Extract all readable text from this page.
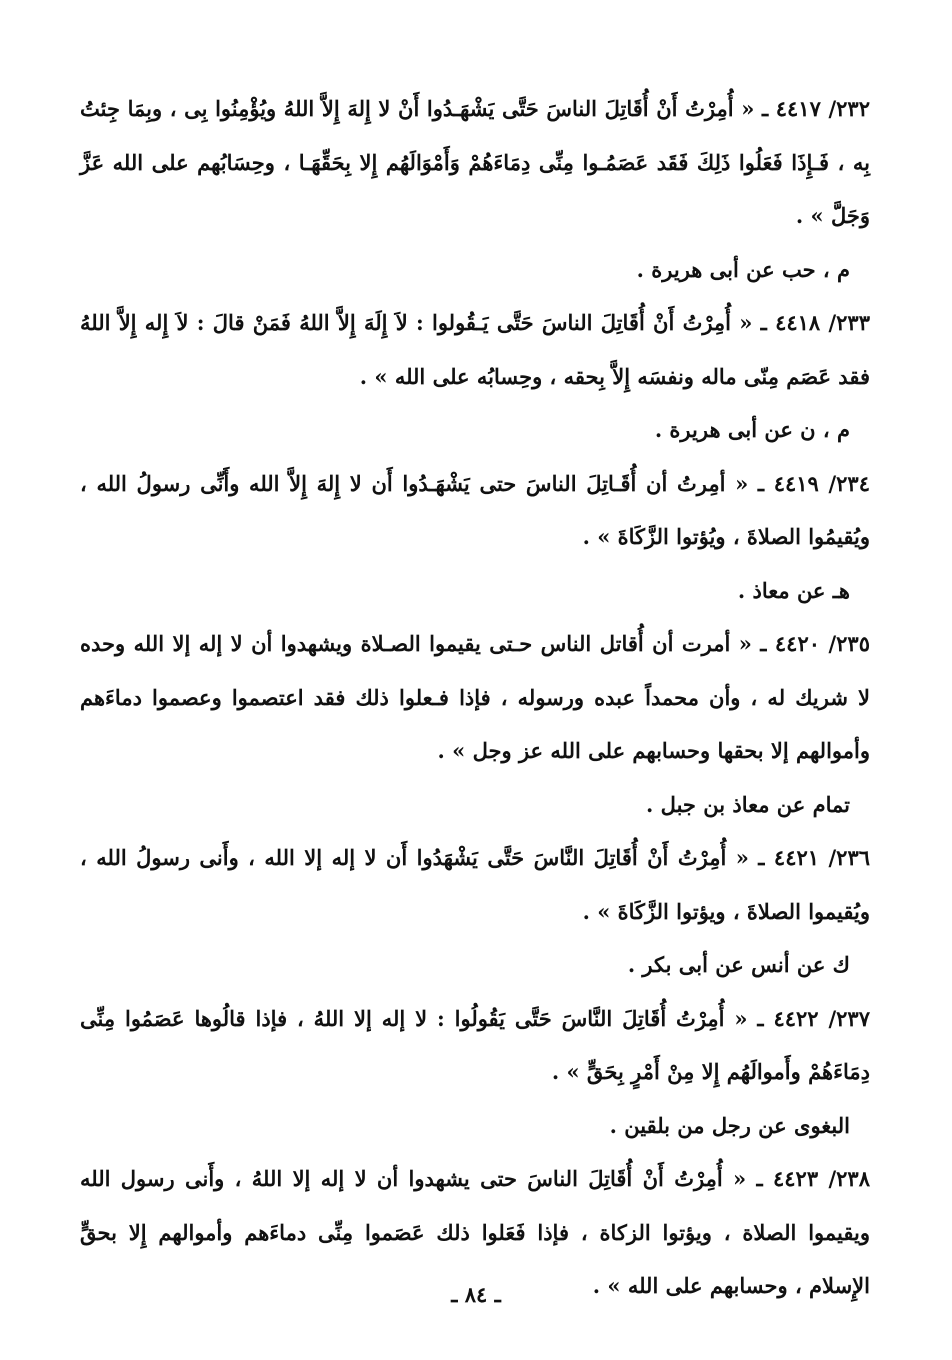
٢٣٢/ ٤٤١٧ ـ « أُمِرْتُ أَنْ أُقَاتِلَ الناسَ حَتَّى يَشْهَـدُوا أَنْ لا إِلهَ إِلاَّ اللهُ ويُؤْمِنُوا بِى ، وبِمَا جِئتُ بِه ، فَـإِذَا فَعَلُوا ذَلِكَ فَقَد عَصَمُـوا مِنِّى دِمَاءَهُمْ وَأَمْوَالَهُم إِلا بِحَقِّهَـا ، وحِسَابُهم على الله عَزَّ وَجَلَّ » .

م ، حب عن أبى هريرة .

٢٣٣/ ٤٤١٨ ـ « أُمِرْتُ أَنْ أُقَاتِلَ الناسَ حَتَّى يَـقُولوا : لاَ إِلَهَ إِلاَّ اللهُ فَمَنْ قالَ : لاَ إِله إِلاَّ اللهُ فقد عَصَم مِنّى ماله ونفسَه إِلاَّ بِحقه ، وحِسابُه على الله » .

م ، ن عن أبى هريرة .

٢٣٤/ ٤٤١٩ ـ « أمِرتُ أن أُقَـاتِلَ الناسَ حتى يَشْهَـدُوا أَن لا إِلهَ إِلاَّ الله وأَنِّى رسولُ الله ، ويُقيمُوا الصلاةَ ، ويُؤتوا الزَّكَاةَ » .

هـ عن معاذ .

٢٣٥/ ٤٤٢٠ ـ « أمرت أن أُقاتل الناس حـتى يقيموا الصـلاة ويشهدوا أن لا إله إلا الله وحده لا شريك له ، وأن محمداً عبده ورسوله ، فإذا فـعلوا ذلك فقد اعتصموا وعصموا دماءَهم وأموالهم إلا بحقها وحسابهم على الله عز وجل » .

تمام عن معاذ بن جبل .

٢٣٦/ ٤٤٢١ ـ « أُمِرْتُ أَنْ أُقَاتِلَ النَّاسَ حَتَّى يَشْهَدُوا أَن لا إله إلا الله ، وأَنى رسولُ الله ، ويُقيموا الصلاةَ ، ويؤتوا الزَّكَاةَ » .

ك عن أنس عن أبى بكر .

٢٣٧/ ٤٤٢٢ ـ « أُمِرْتُ أُقَاتِلَ النَّاسَ حَتَّى يَقُولُوا : لا إله إلا اللهُ ، فإذا قالُوها عَصَمُوا مِنِّى دِمَاءَهُمْ وأَموالَهُم إِلا مِنْ أَمْرٍ بِحَقٍّ » .

البغوى عن رجل من بلقين .

٢٣٨/ ٤٤٢٣ ـ « أُمِرْتُ أَنْ أُقَاتِلَ الناسَ حتى يشهدوا أن لا إله إلا اللهُ ، وأَنى رسول الله ويقيموا الصلاة ، ويؤتوا الزكاة ، فإذا فَعَلوا ذلك عَصَموا مِنِّى دماءَهم وأموالهم إِلا بحقٍّ الإِسلام ، وحسابهم على الله » .

ـ ٨٤ ـ
